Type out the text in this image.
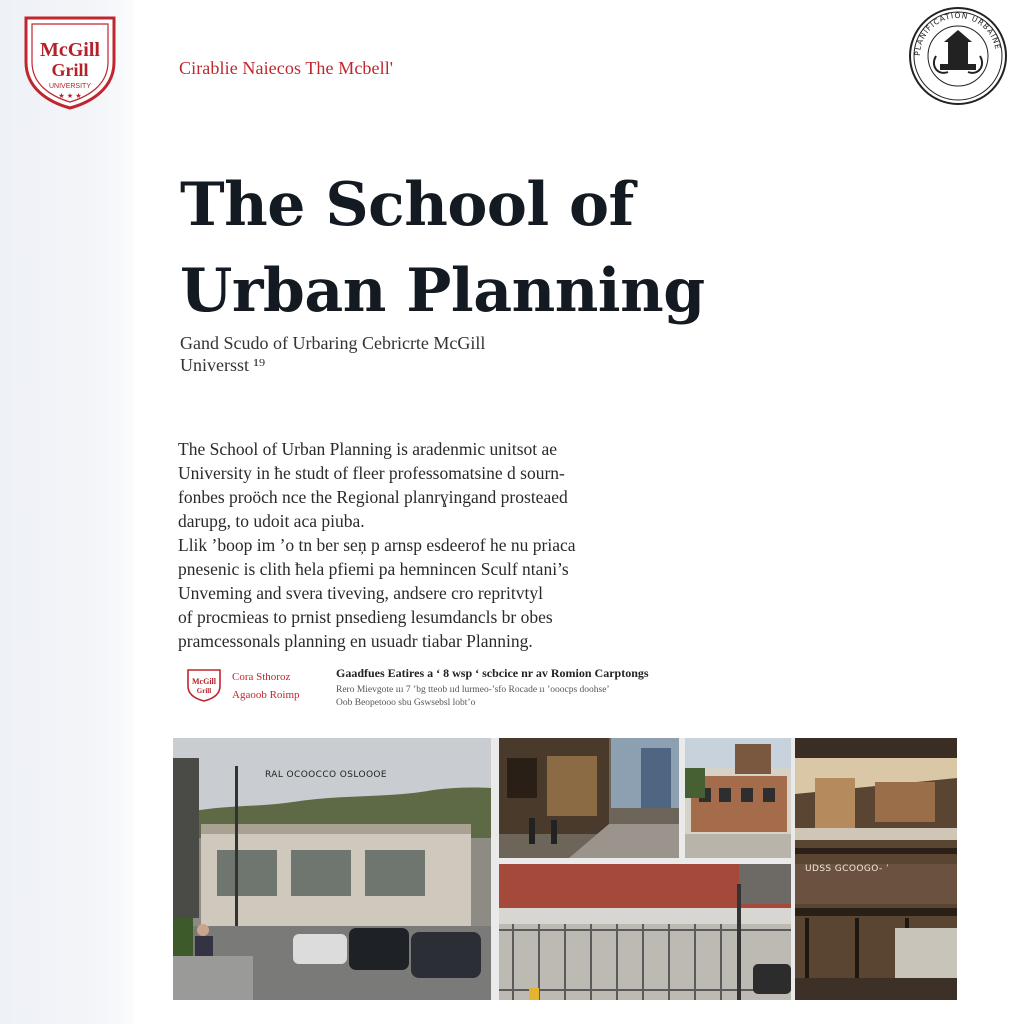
McGill
Grill
UNIVERSITY
★ ★ ★
Cirablie Naiecos The Mcbell'
PLANIFICATION URBAINE
The School of
Urban Planning
Gand Scudo of Urbaring Cebricrte McGill
Universst ¹⁹
The School of Urban Planning is aradenmic unitsot ae
University in ħe studt of fleer professomatsine d sourn-
fonbes proöch nce the Regional planrɣingand prosteaed
darupg, to udoit aca piuba.
Llik ’boop im ’o tn ber seņ p arnsp esdeerof he nu priaca
pnesenic is clith ħela pfiemi pa hemnincen Sculf ntani’s
Unveming and svera tiveving, andsere cro repritvtyl
of procmieas to prnist pnsedieng lesumdancls br obes
pramcessonals planning en usuadr tiabar Planning.
McGill
Grill
Cora Sthoroz
Agaoob Roimp
Gaadfues Eatires a ‘ 8 wsp ‘ scbcice nr av Romion Carptongs
Rero Mievgote ııı 7 ’bg tteob ııd lurmeo-’sfo Rocade ıı ’ooocps doohse’
Oob Beopetooo sbu Gswsebsl lobt’o
RAL OCOOCCO OSLOOOE
UDSS GCOOGO- ’
